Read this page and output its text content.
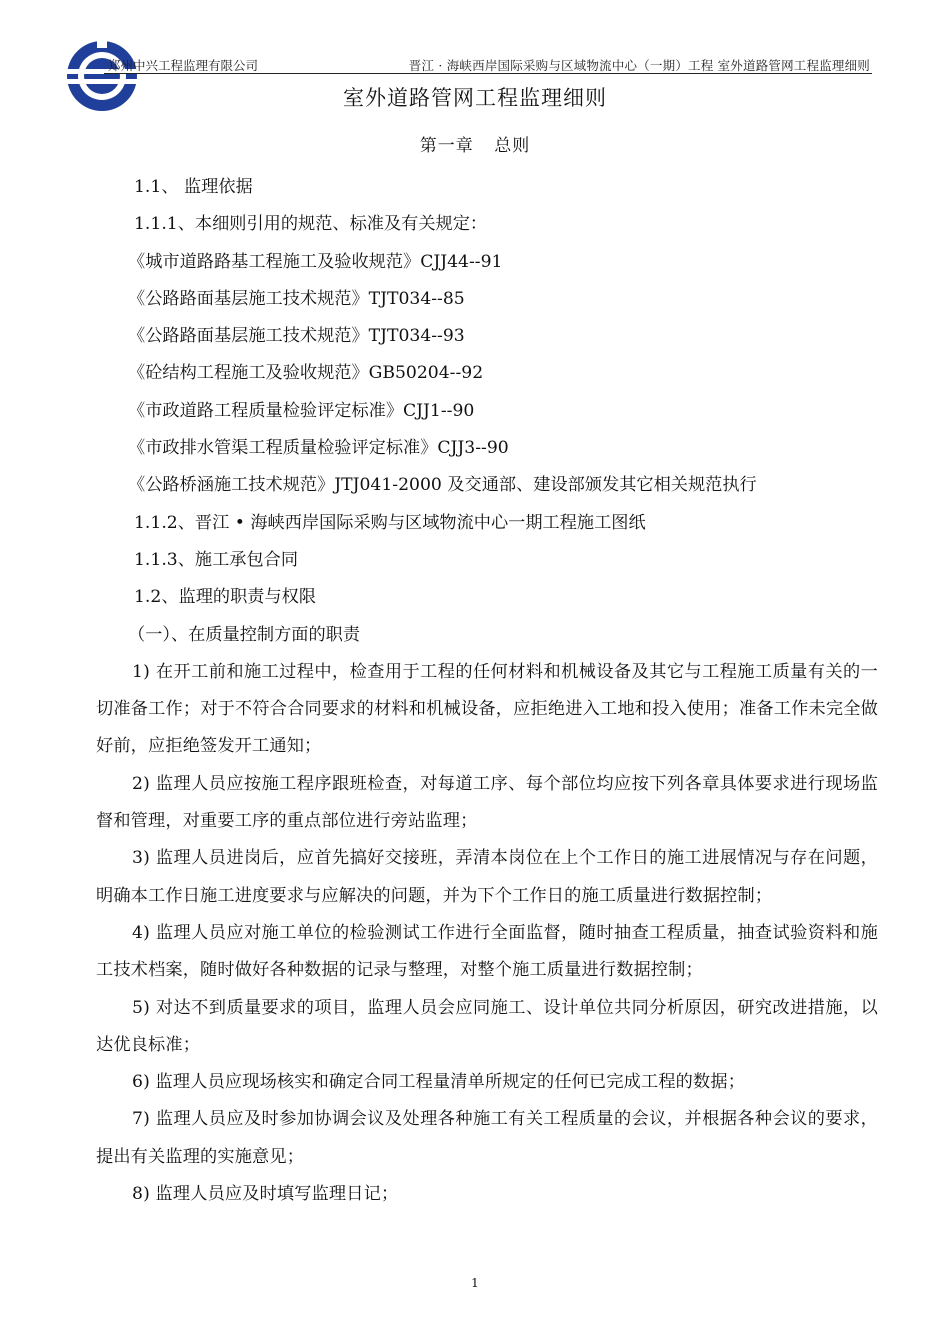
郑州中兴工程监理有限公司	晋江 · 海峡西岸国际采购与区域物流中心（一期）工程 室外道路管网工程监理细则
室外道路管网工程监理细则
第一章 总则

1.1、 监理依据

1.1.1、本细则引用的规范、标准及有关规定：

《城市道路路基工程施工及验收规范》CJJ44--91

《公路路面基层施工技术规范》TJT034--85

《公路路面基层施工技术规范》TJT034--93

《砼结构工程施工及验收规范》GB50204--92

《市政道路工程质量检验评定标准》CJJ1--90

《市政排水管渠工程质量检验评定标准》CJJ3--90

《公路桥涵施工技术规范》JTJ041-2000 及交通部、建设部颁发其它相关规范执行

1.1.2、晋江 • 海峡西岸国际采购与区域物流中心一期工程施工图纸

1.1.3、施工承包合同

1.2、监理的职责与权限

（一）、在质量控制方面的职责

1) 在开工前和施工过程中，检查用于工程的任何材料和机械设备及其它与工程施工质量有关的一切准备工作；对于不符合合同要求的材料和机械设备，应拒绝进入工地和投入使用；准备工作未完全做好前，应拒绝签发开工通知；

2) 监理人员应按施工程序跟班检查，对每道工序、每个部位均应按下列各章具体要求进行现场监督和管理，对重要工序的重点部位进行旁站监理；

3) 监理人员进岗后，应首先搞好交接班，弄清本岗位在上个工作日的施工进展情况与存在问题，明确本工作日施工进度要求与应解决的问题，并为下个工作日的施工质量进行数据控制；

4) 监理人员应对施工单位的检验测试工作进行全面监督，随时抽查工程质量，抽查试验资料和施工技术档案，随时做好各种数据的记录与整理，对整个施工质量进行数据控制；

5) 对达不到质量要求的项目，监理人员会应同施工、设计单位共同分析原因，研究改进措施，以达优良标准；

6) 监理人员应现场核实和确定合同工程量清单所规定的任何已完成工程的数据；

7) 监理人员应及时参加协调会议及处理各种施工有关工程质量的会议，并根据各种会议的要求，提出有关监理的实施意见；

8) 监理人员应及时填写监理日记；

1
